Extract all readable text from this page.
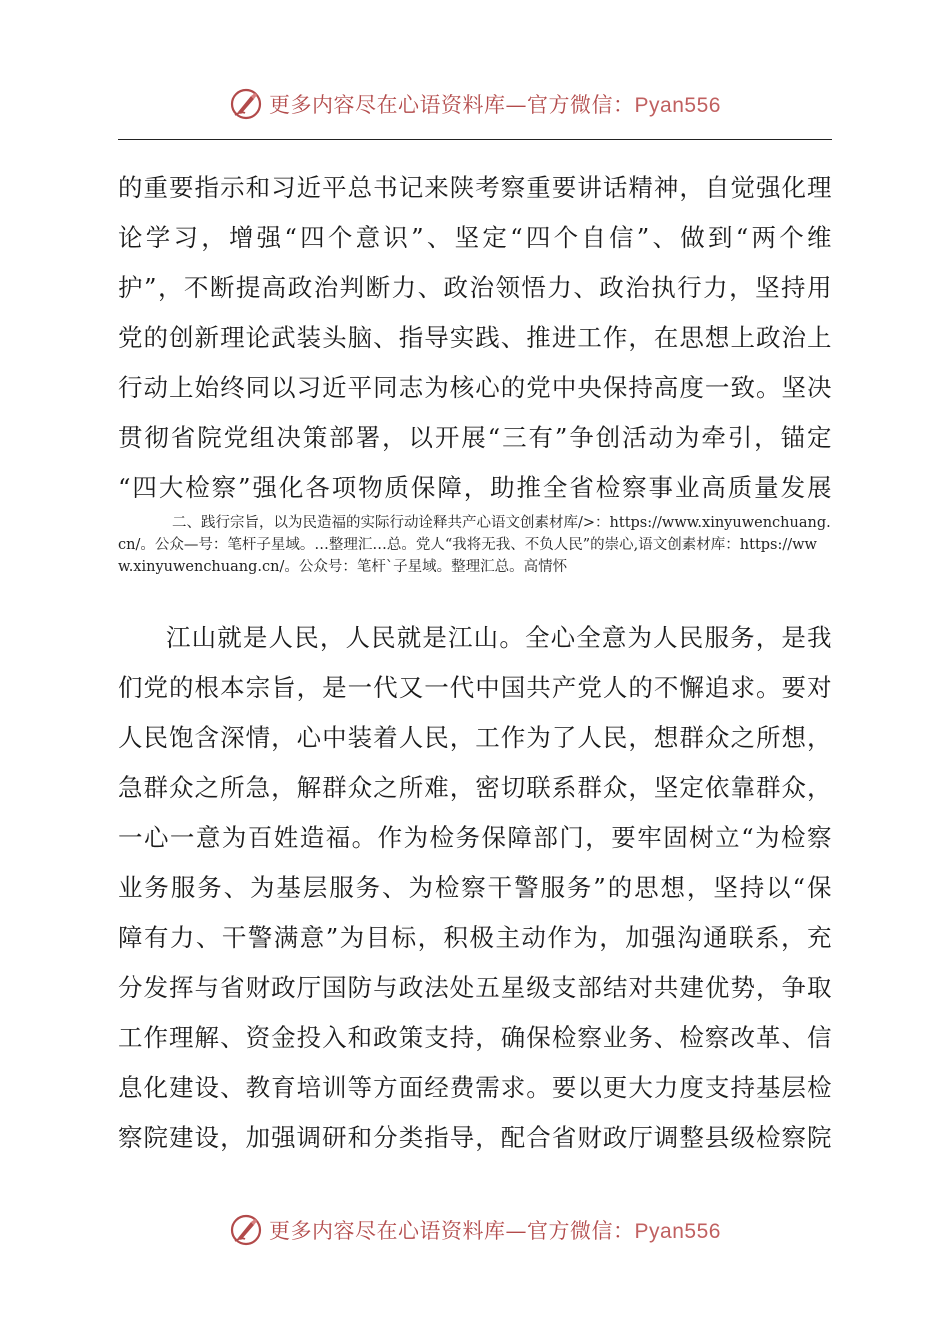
更多内容尽在心语资料库—官方微信：Pyan556
的重要指示和习近平总书记来陕考察重要讲话精神，自觉强化理
论学习，增强“四个意识”、坚定“四个自信”、做到“两个维
护”，不断提高政治判断力、政治领悟力、政治执行力，坚持用
党的创新理论武装头脑、指导实践、推进工作，在思想上政治上
行动上始终同以习近平同志为核心的党中央保持高度一致。坚决
贯彻省院党组决策部署，以开展“三有”争创活动为牵引，锚定
“四大检察”强化各项物质保障，助推全省检察事业高质量发展
二、践行宗旨，以为民造福的实际行动诠释共产心语文创素材库/>：https://www.xinyuwenchuang.cn/。公众—号：笔杆子星域。…整理汇…总。党人“我将无我、不负人民”的崇心,语文创素材库：https://www.xinyuwenchuang.cn/。公众号：笔杆`子星域。整理汇总。高情怀
江山就是人民，人民就是江山。全心全意为人民服务，是我
们党的根本宗旨，是一代又一代中国共产党人的不懈追求。要对
人民饱含深情，心中装着人民，工作为了人民，想群众之所想，
急群众之所急，解群众之所难，密切联系群众，坚定依靠群众，
一心一意为百姓造福。作为检务保障部门，要牢固树立“为检察
业务服务、为基层服务、为检察干警服务”的思想，坚持以“保
障有力、干警满意”为目标，积极主动作为，加强沟通联系，充
分发挥与省财政厅国防与政法处五星级支部结对共建优势，争取
工作理解、资金投入和政策支持，确保检察业务、检察改革、信
息化建设、教育培训等方面经费需求。要以更大力度支持基层检
察院建设，加强调研和分类指导，配合省财政厅调整县级检察院
更多内容尽在心语资料库—官方微信：Pyan556
